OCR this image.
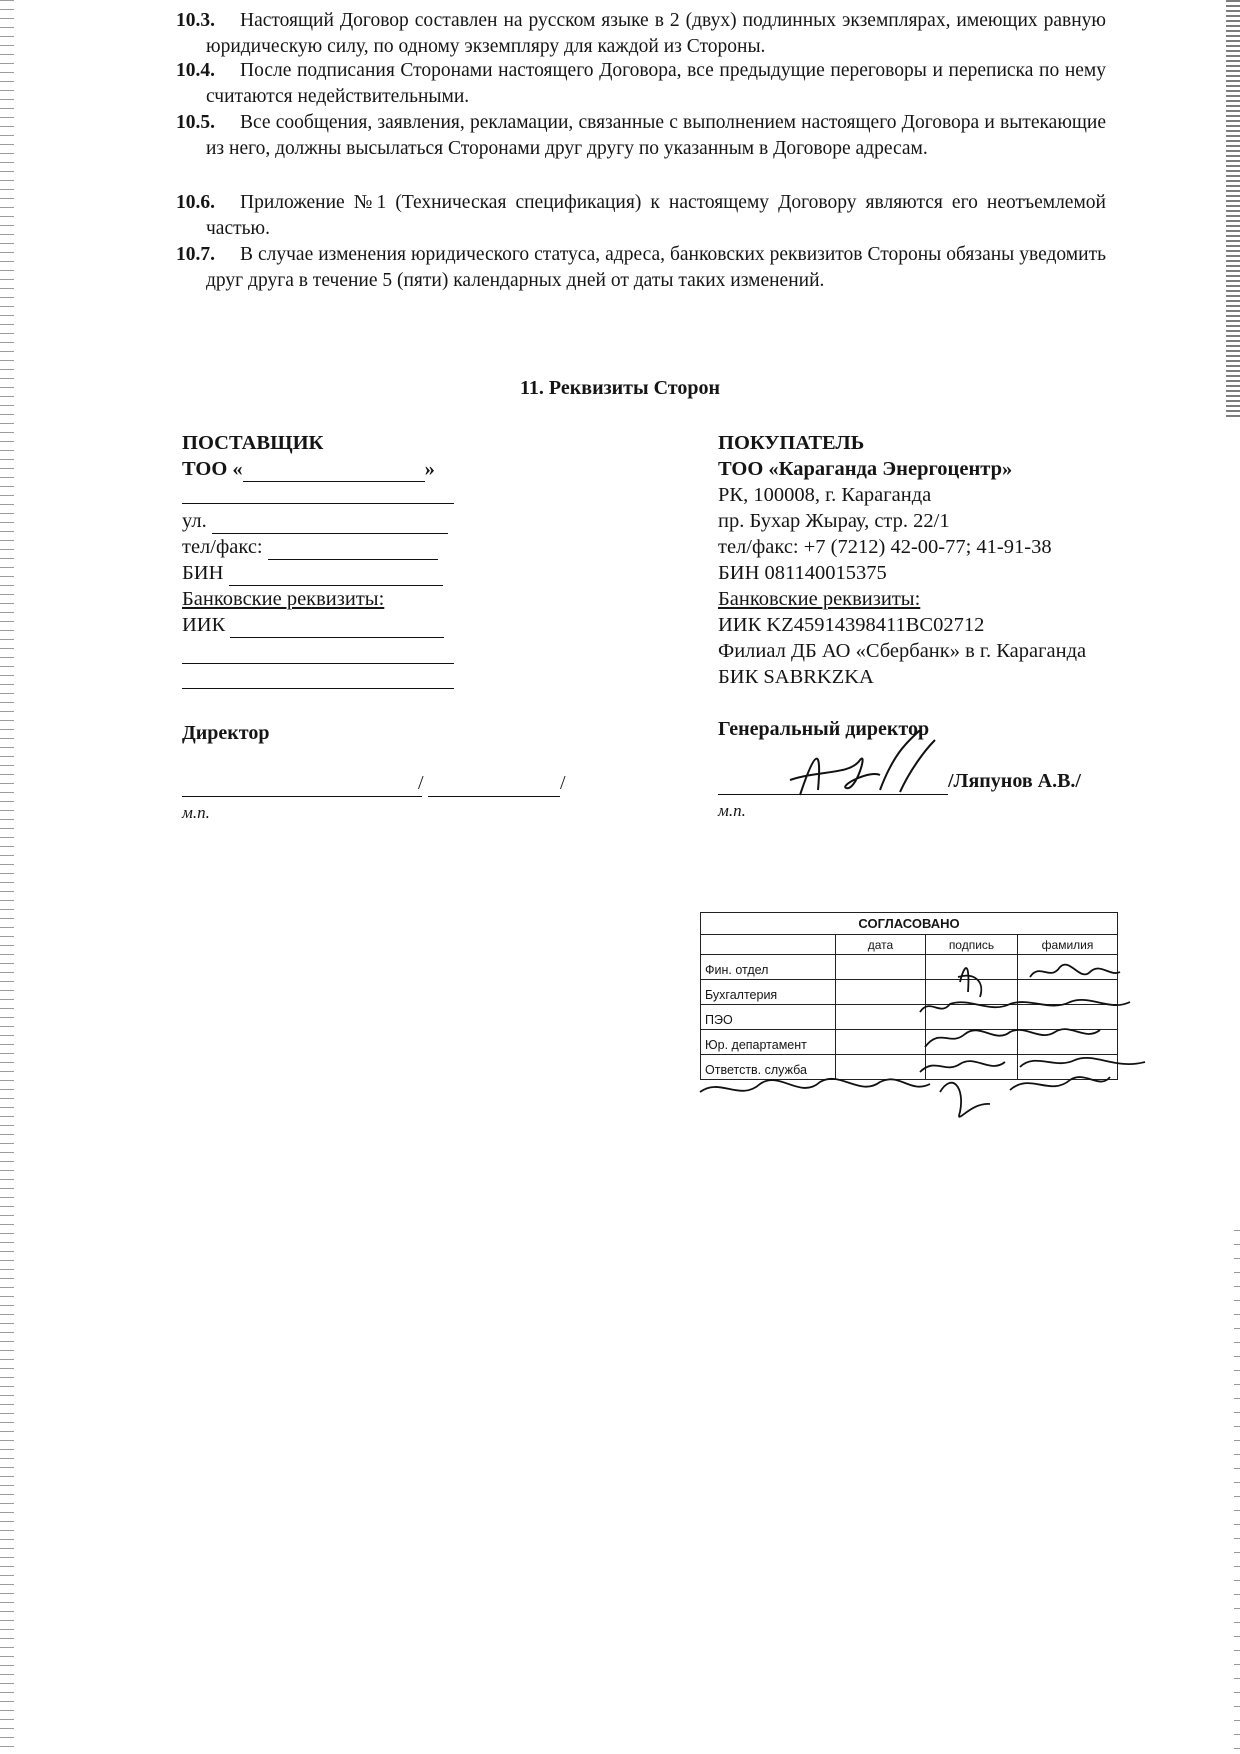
10.3.	Настоящий Договор составлен на русском языке в 2 (двух) подлинных экземплярах, имеющих равную юридическую силу, по одному экземпляру для каждой из Стороны.
10.4.	После подписания Сторонами настоящего Договора, все предыдущие переговоры и переписка по нему считаются недействительными.
10.5.	Все сообщения, заявления, рекламации, связанные с выполнением настоящего Договора и вытекающие из него, должны высылаться Сторонами друг другу по указанным в Договоре адресам.
10.6.	Приложение №1 (Техническая спецификация) к настоящему Договору являются его неотъемлемой частью.
10.7.	В случае изменения юридического статуса, адреса, банковских реквизитов Стороны обязаны уведомить друг друга в течение 5 (пяти) календарных дней от даты таких изменений.
11. Реквизиты Сторон
ПОСТАВЩИК
ТОО «	»
ул.
тел/факс:
БИН
Банковские реквизиты:
ИИК
Директор
/	/
м.п.
ПОКУПАТЕЛЬ
ТОО «Караганда Энергоцентр»
РК, 100008, г. Караганда
пр. Бухар Жырау, стр. 22/1
тел/факс: +7 (7212) 42-00-77; 41-91-38
БИН 081140015375
Банковские реквизиты:
ИИК KZ45914398411BC02712
Филиал ДБ АО «Сбербанк» в г. Караганда
БИК SABRKZKA
Генеральный директор
/Ляпунов А.В./
м.п.
СОГЛАСОВАНО			
	дата	подпись	фамилия
Фин. отдел			
Бухгалтерия			
ПЭО			
Юр. департамент			
Ответств. служба			
